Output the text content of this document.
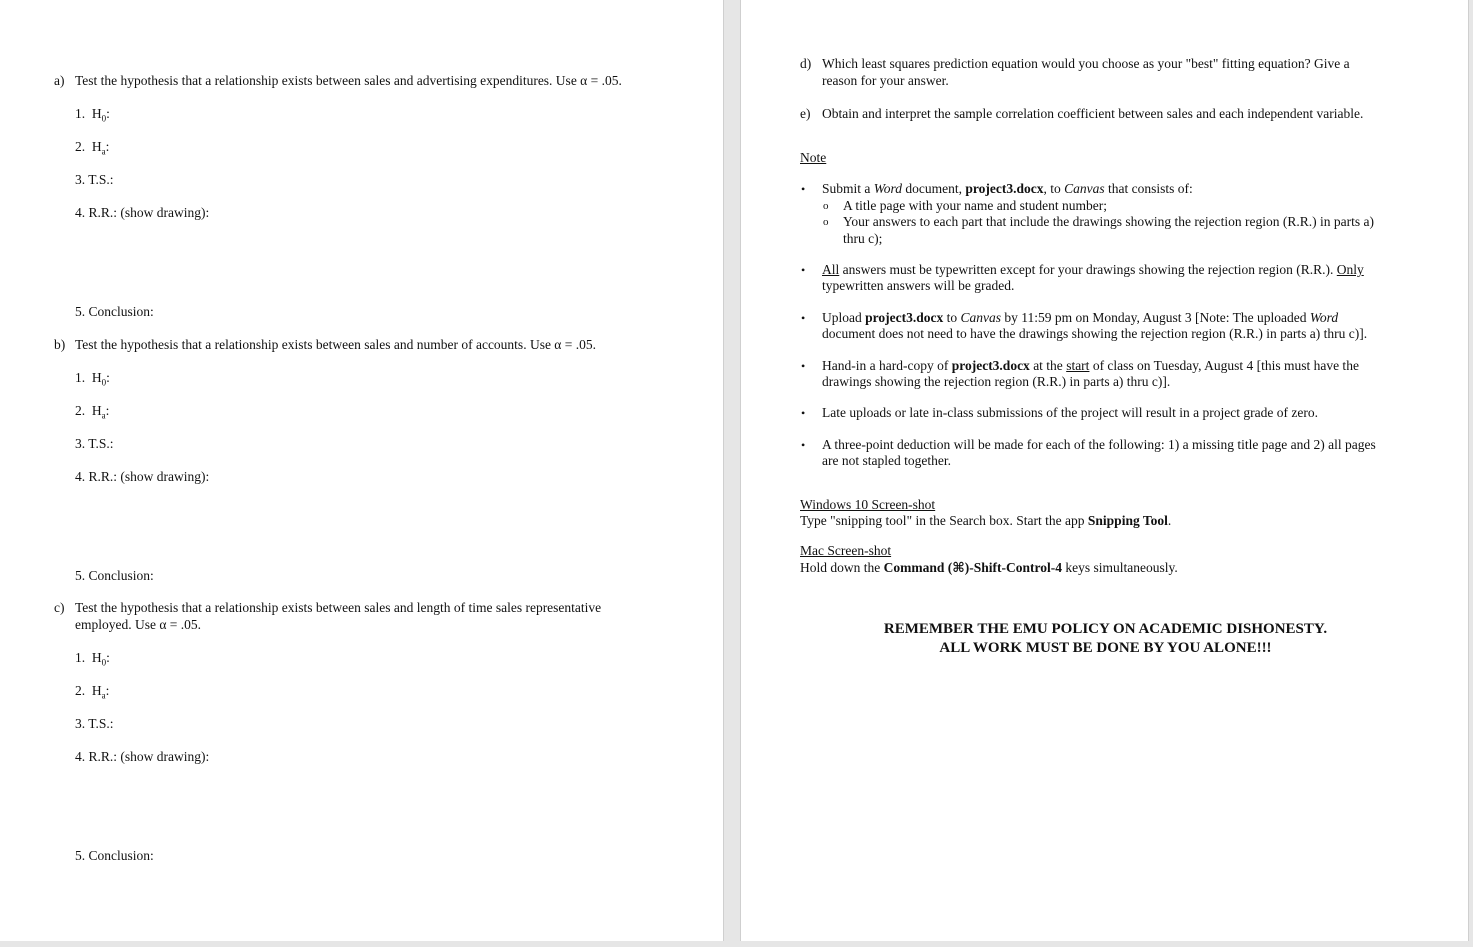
a) Test the hypothesis that a relationship exists between sales and advertising expenditures. Use α = .05.
1. $H_0$:
2. $H_a$:
3. T.S.:
4. R.R.: (show drawing):
5. Conclusion:
b) Test the hypothesis that a relationship exists between sales and number of accounts. Use α = .05.
1. $H_0$:
2. $H_a$:
3. T.S.:
4. R.R.: (show drawing):
5. Conclusion:
c) Test the hypothesis that a relationship exists between sales and length of time sales representative
employed. Use α = .05.
1. $H_0$:
2. $H_a$:
3. T.S.:
4. R.R.: (show drawing):
5. Conclusion:
d) Which least squares prediction equation would you choose as your "best" fitting equation? Give a
reason for your answer.
e) Obtain and interpret the sample correlation coefficient between sales and each independent variable.
Note
• Submit a Word document, project3.docx, to Canvas that consists of:
o A title page with your name and student number;
o Your answers to each part that include the drawings showing the rejection region (R.R.) in parts a)
thru c);
• All answers must be typewritten except for your drawings showing the rejection region (R.R.). Only
typewritten answers will be graded.
• Upload project3.docx to Canvas by 11:59 pm on Monday, August 3 [Note: The uploaded Word
document does not need to have the drawings showing the rejection region (R.R.) in parts a) thru c)].
• Hand-in a hard-copy of project3.docx at the start of class on Tuesday, August 4 [this must have the
drawings showing the rejection region (R.R.) in parts a) thru c)].
• Late uploads or late in-class submissions of the project will result in a project grade of zero.
• A three-point deduction will be made for each of the following: 1) a missing title page and 2) all pages
are not stapled together.
Windows 10 Screen-shot
Type "snipping tool" in the Search box. Start the app Snipping Tool.
Mac Screen-shot
Hold down the Command (⌘)-Shift-Control-4 keys simultaneously.
REMEMBER THE EMU POLICY ON ACADEMIC DISHONESTY.
ALL WORK MUST BE DONE BY YOU ALONE!!!
